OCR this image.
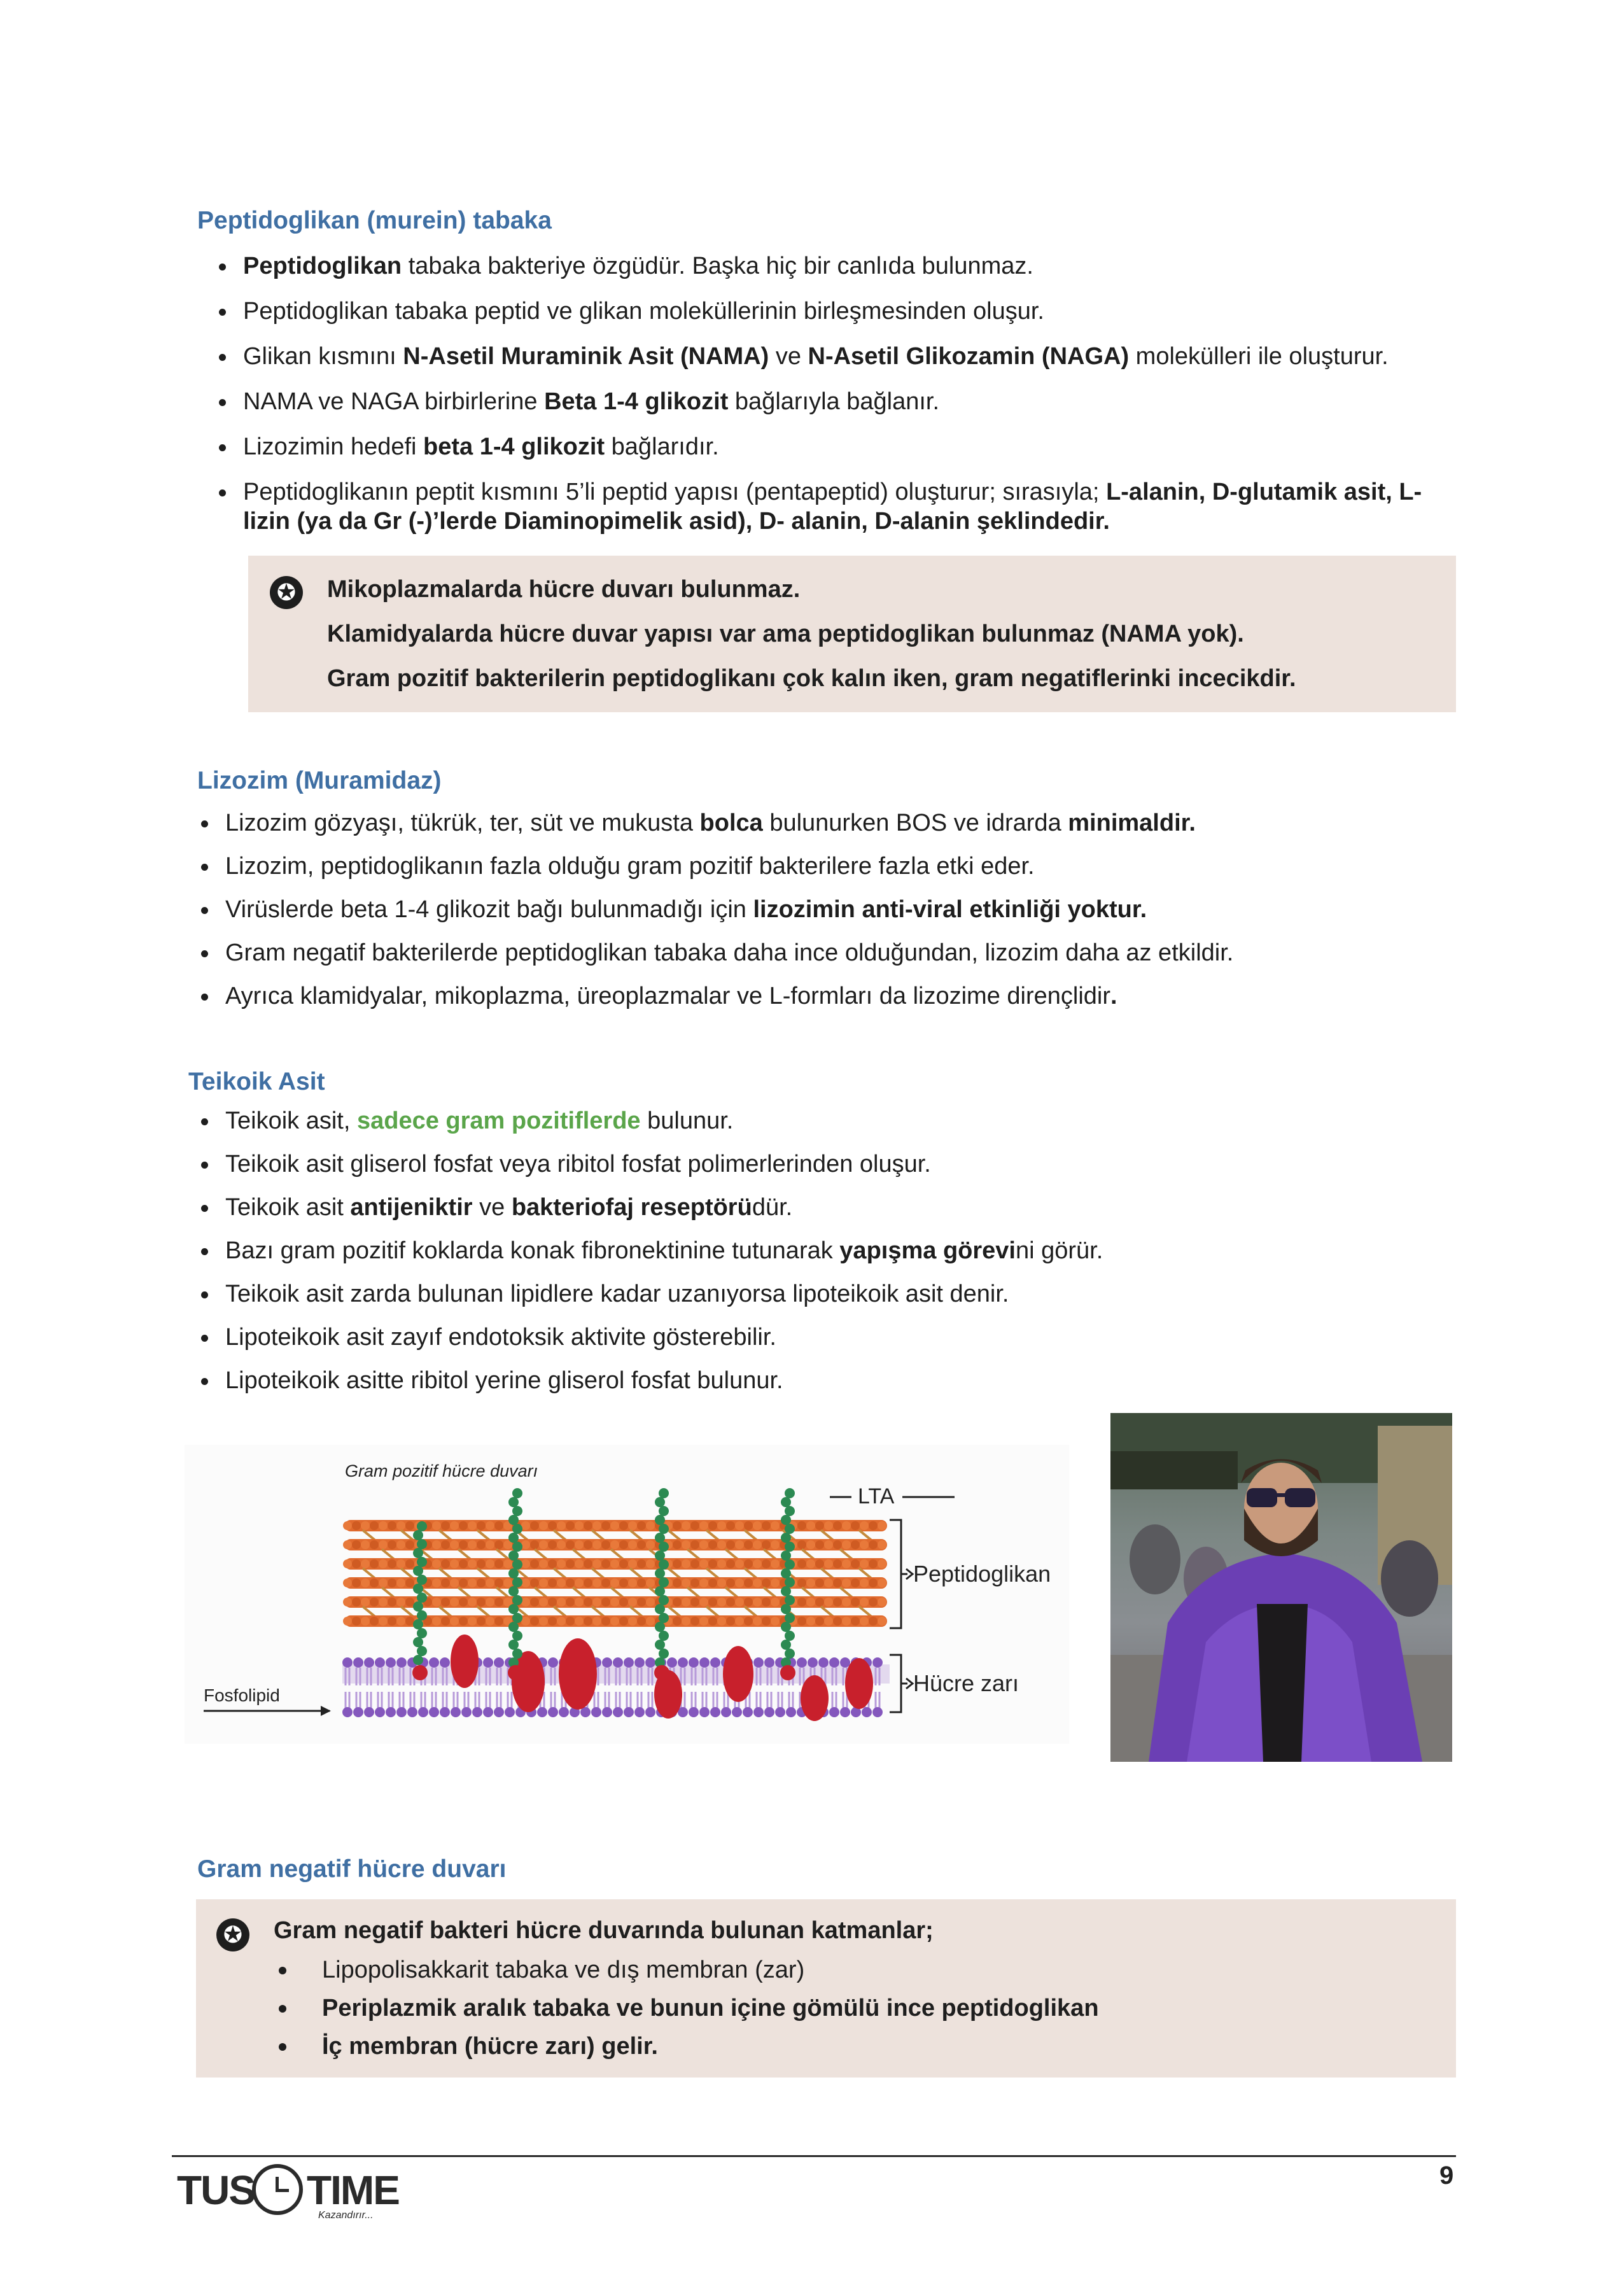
Peptidoglikan (murein) tabaka
Peptidoglikan tabaka bakteriye özgüdür. Başka hiç bir canlıda bulunmaz.
Peptidoglikan tabaka peptid ve glikan moleküllerinin birleşmesinden oluşur.
Glikan kısmını N-Asetil Muraminik Asit (NAMA) ve N-Asetil Glikozamin (NAGA) molekülleri ile oluşturur.
NAMA ve NAGA birbirlerine Beta 1-4 glikozit bağlarıyla bağlanır.
Lizozimin hedefi beta 1-4 glikozit bağlarıdır.
Peptidoglikanın peptit kısmını 5’li peptid yapısı (pentapeptid) oluşturur; sırasıyla; L-alanin, D-glutamik asit, L-lizin (ya da Gr (-)’lerde Diaminopimelik asid), D- alanin, D-alanin şeklindedir.
✪ Mikoplazmalarda hücre duvarı bulunmaz.
Klamidyalarda hücre duvar yapısı var ama peptidoglikan bulunmaz (NAMA yok).
Gram pozitif bakterilerin peptidoglikanı çok kalın iken, gram negatiflerinki incecikdir.
Lizozim (Muramidaz)
Lizozim gözyaşı, tükrük, ter, süt ve mukusta bolca bulunurken BOS ve idrarda minimaldir.
Lizozim, peptidoglikanın fazla olduğu gram pozitif bakterilere fazla etki eder.
Virüslerde beta 1-4 glikozit bağı bulunmadığı için lizozimin anti-viral etkinliği yoktur.
Gram negatif bakterilerde peptidoglikan tabaka daha ince olduğundan, lizozim daha az etkildir.
Ayrıca klamidyalar, mikoplazma, üreoplazmalar ve L-formları da lizozime dirençlidir.
Teikoik Asit
Teikoik asit, sadece gram pozitiflerde bulunur.
Teikoik asit gliserol fosfat veya ribitol fosfat polimerlerinden oluşur.
Teikoik asit antijeniktir ve bakteriofaj reseptörüdür.
Bazı gram pozitif koklarda konak fibronektinine tutunarak yapışma görevini görür.
Teikoik asit zarda bulunan lipidlere kadar uzanıyorsa lipoteikoik asit denir.
Lipoteikoik asit zayıf endotoksik aktivite gösterebilir.
Lipoteikoik asitte ribitol yerine gliserol fosfat bulunur.
Gram pozitif hücre duvarı
LTA
Peptidoglikan
Hücre zarı
Fosfolipid
Gram negatif hücre duvarı
✪ Gram negatif bakteri hücre duvarında bulunan katmanlar;
Lipopolisakkarit tabaka ve dış membran (zar)
Periplazmik aralık tabaka ve bunun içine gömülü ince peptidoglikan
İç membran (hücre zarı) gelir.
TUS TIME
Kazandırır...
9
